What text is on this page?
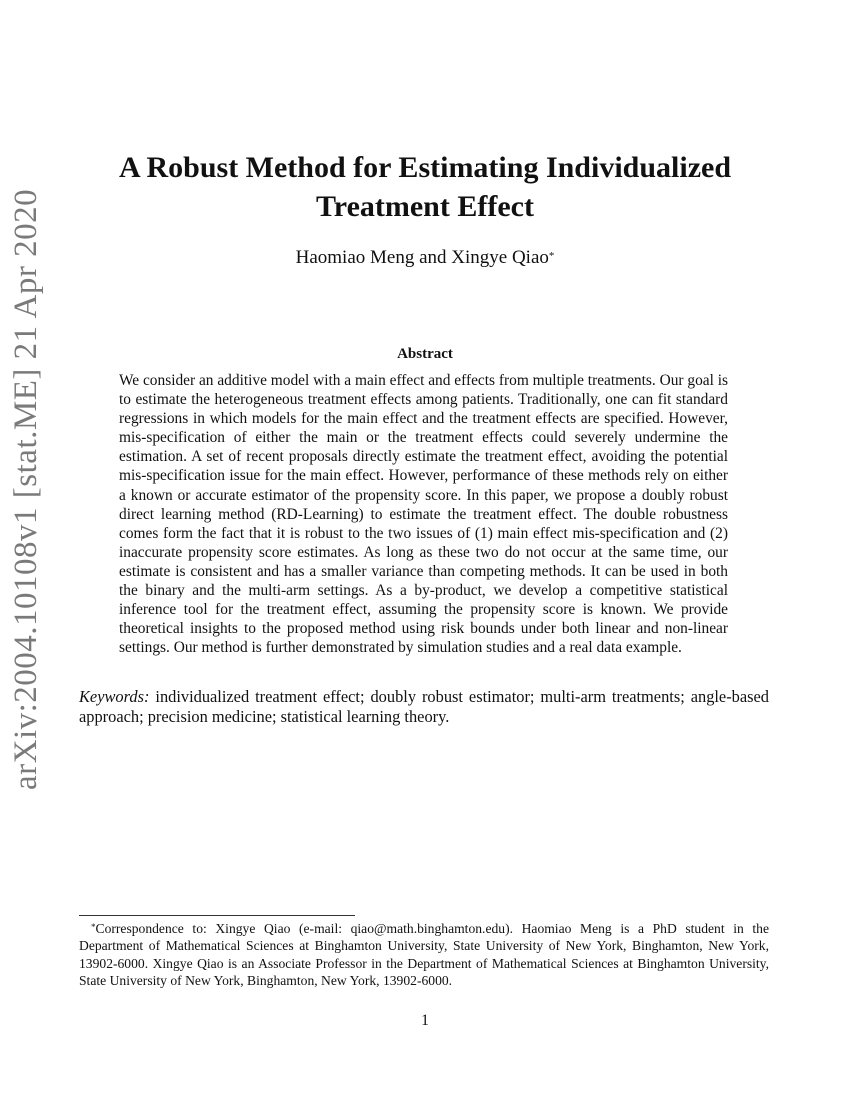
arXiv:2004.10108v1 [stat.ME] 21 Apr 2020
A Robust Method for Estimating Individualized Treatment Effect
Haomiao Meng and Xingye Qiao*
Abstract

We consider an additive model with a main effect and effects from multiple treatments. Our goal is to estimate the heterogeneous treatment effects among patients. Traditionally, one can fit standard regressions in which models for the main effect and the treatment effects are specified. However, mis-specification of either the main or the treatment effects could severely undermine the estimation. A set of recent proposals directly estimate the treatment effect, avoiding the potential mis-specification issue for the main effect. However, performance of these methods rely on either a known or accurate estimator of the propensity score. In this paper, we propose a doubly robust direct learning method (RD-Learning) to estimate the treatment effect. The double robustness comes form the fact that it is robust to the two issues of (1) main effect mis-specification and (2) inaccurate propensity score estimates. As long as these two do not occur at the same time, our estimate is consistent and has a smaller variance than competing methods. It can be used in both the binary and the multi-arm settings. As a by-product, we develop a competitive statistical inference tool for the treatment effect, assuming the propensity score is known. We provide theoretical insights to the proposed method using risk bounds under both linear and non-linear settings. Our method is further demonstrated by simulation studies and a real data example.

Keywords: individualized treatment effect; doubly robust estimator; multi-arm treatments; angle-based approach; precision medicine; statistical learning theory.

*Correspondence to: Xingye Qiao (e-mail: qiao@math.binghamton.edu). Haomiao Meng is a PhD student in the Department of Mathematical Sciences at Binghamton University, State University of New York, Binghamton, New York, 13902-6000. Xingye Qiao is an Associate Professor in the Department of Mathematical Sciences at Binghamton University, State University of New York, Binghamton, New York, 13902-6000.

1
